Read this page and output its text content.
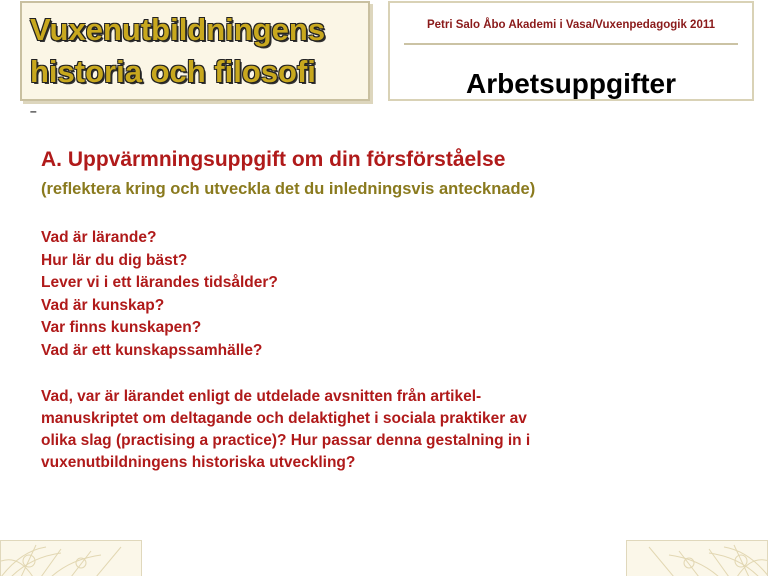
Vuxenutbildningens
historia och filosofi
–
Petri Salo Åbo Akademi i Vasa/Vuxenpedagogik 2011
Arbetsuppgifter
A. Uppvärmningsuppgift om din försförståelse
(reflektera kring och utveckla det du inledningsvis antecknade)
Vad är lärande?
Hur lär du dig bäst?
Lever vi i ett lärandes tidsålder?
Vad är kunskap?
Var finns kunskapen?
Vad är ett kunskapssamhälle?

Vad, var är lärandet enligt de utdelade avsnitten från artikel-
manuskriptet om deltagande och delaktighet i sociala praktiker av
olika slag (practising a practice)? Hur passar denna gestalning in i
vuxenutbildningens historiska utveckling?
